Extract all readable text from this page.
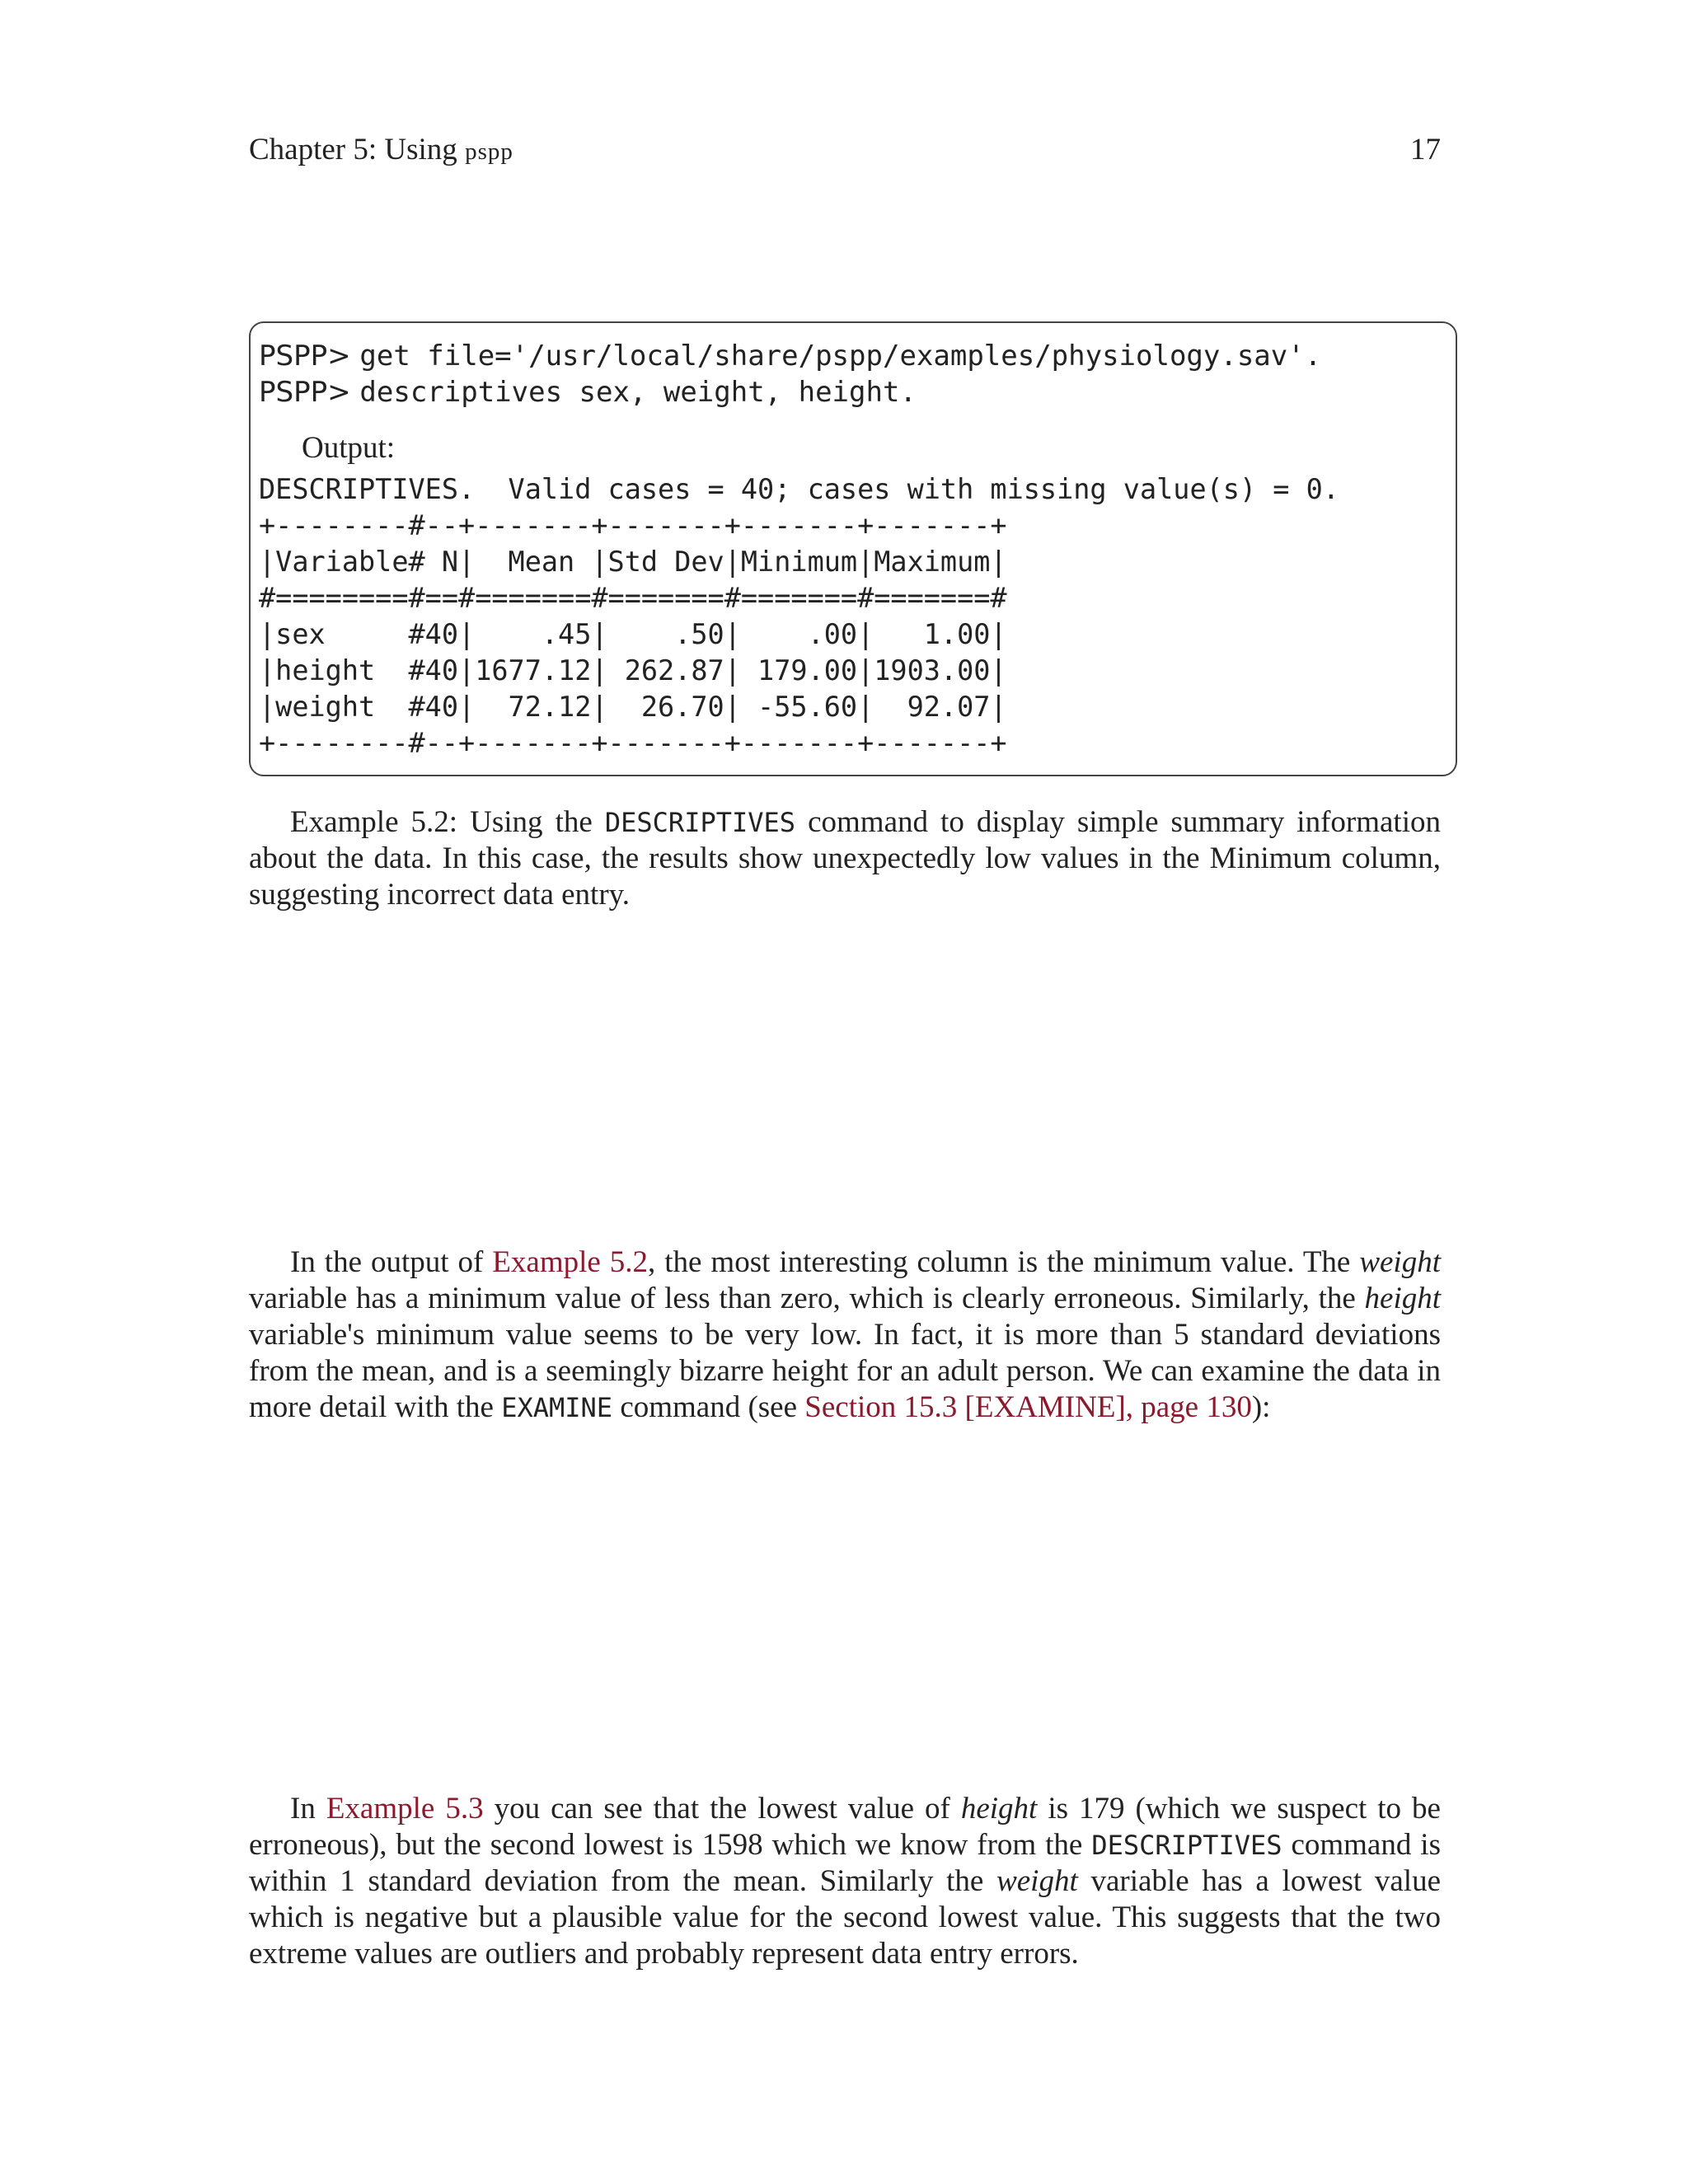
Chapter 5: Using pspp	17
PSPP> get file='/usr/local/share/pspp/examples/physiology.sav'.
PSPP> descriptives sex, weight, height.
Output:
DESCRIPTIVES.  Valid cases = 40; cases with missing value(s) = 0.
+--------#--+-------+-------+-------+-------+
|Variable# N|  Mean |Std Dev|Minimum|Maximum|
#========#==#=======#=======#=======#=======#
|sex     #40|    .45|    .50|    .00|   1.00|
|height  #40|1677.12| 262.87| 179.00|1903.00|
|weight  #40|  72.12|  26.70| -55.60|  92.07|
+--------#--+-------+-------+-------+-------+

Example 5.2: Using the DESCRIPTIVES command to display simple summary information about the data. In this case, the results show unexpectedly low values in the Minimum column, suggesting incorrect data entry.

In the output of Example 5.2, the most interesting column is the minimum value. The weight variable has a minimum value of less than zero, which is clearly erroneous. Similarly, the height variable's minimum value seems to be very low. In fact, it is more than 5 standard deviations from the mean, and is a seemingly bizarre height for an adult person. We can examine the data in more detail with the EXAMINE command (see Section 15.3 [EXAMINE], page 130):

In Example 5.3 you can see that the lowest value of height is 179 (which we suspect to be erroneous), but the second lowest is 1598 which we know from the DESCRIPTIVES command is within 1 standard deviation from the mean. Similarly the weight variable has a lowest value which is negative but a plausible value for the second lowest value. This suggests that the two extreme values are outliers and probably represent data entry errors.
